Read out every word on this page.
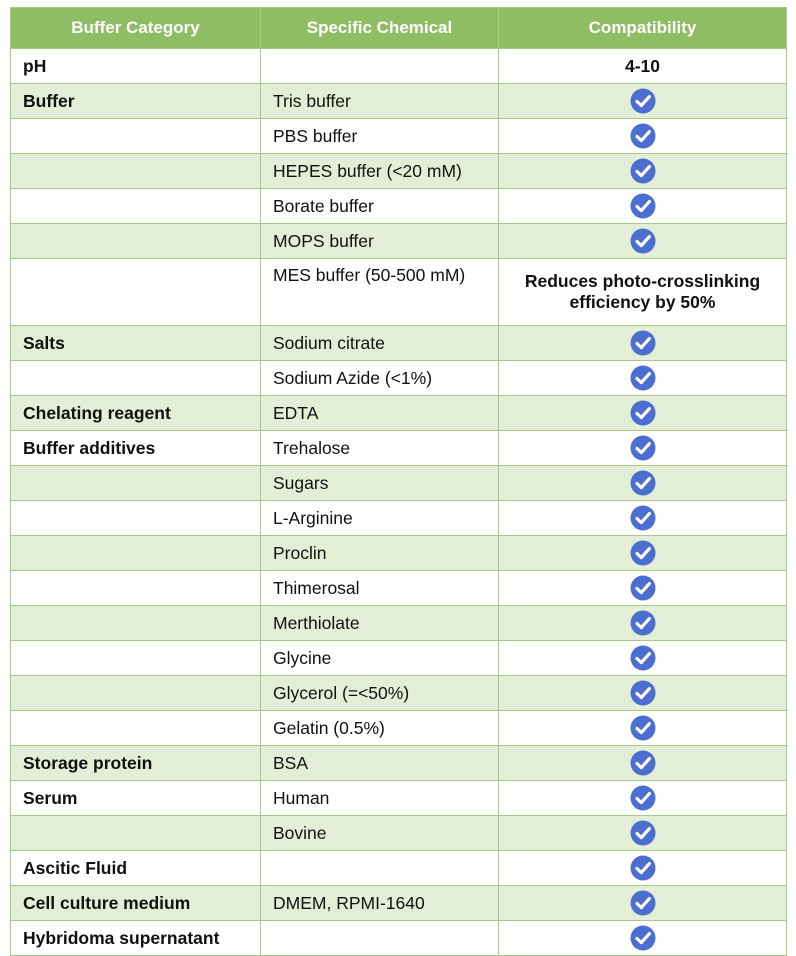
Buffer Category	Specific Chemical	Compatibility
pH		4-10
Buffer	Tris buffer	
	PBS buffer	
	HEPES buffer (<20 mM)	
	Borate buffer	
	MOPS buffer	
	MES buffer (50-500 mM)	Reduces photo-crosslinking efficiency by 50%
Salts	Sodium citrate	
	Sodium Azide (<1%)	
Chelating reagent	EDTA	
Buffer additives	Trehalose	
	Sugars	
	L-Arginine	
	Proclin	
	Thimerosal	
	Merthiolate	
	Glycine	
	Glycerol (=<50%)	
	Gelatin (0.5%)	
Storage protein	BSA	
Serum	Human	
	Bovine	
Ascitic Fluid		
Cell culture medium	DMEM, RPMI-1640	
Hybridoma supernatant		
